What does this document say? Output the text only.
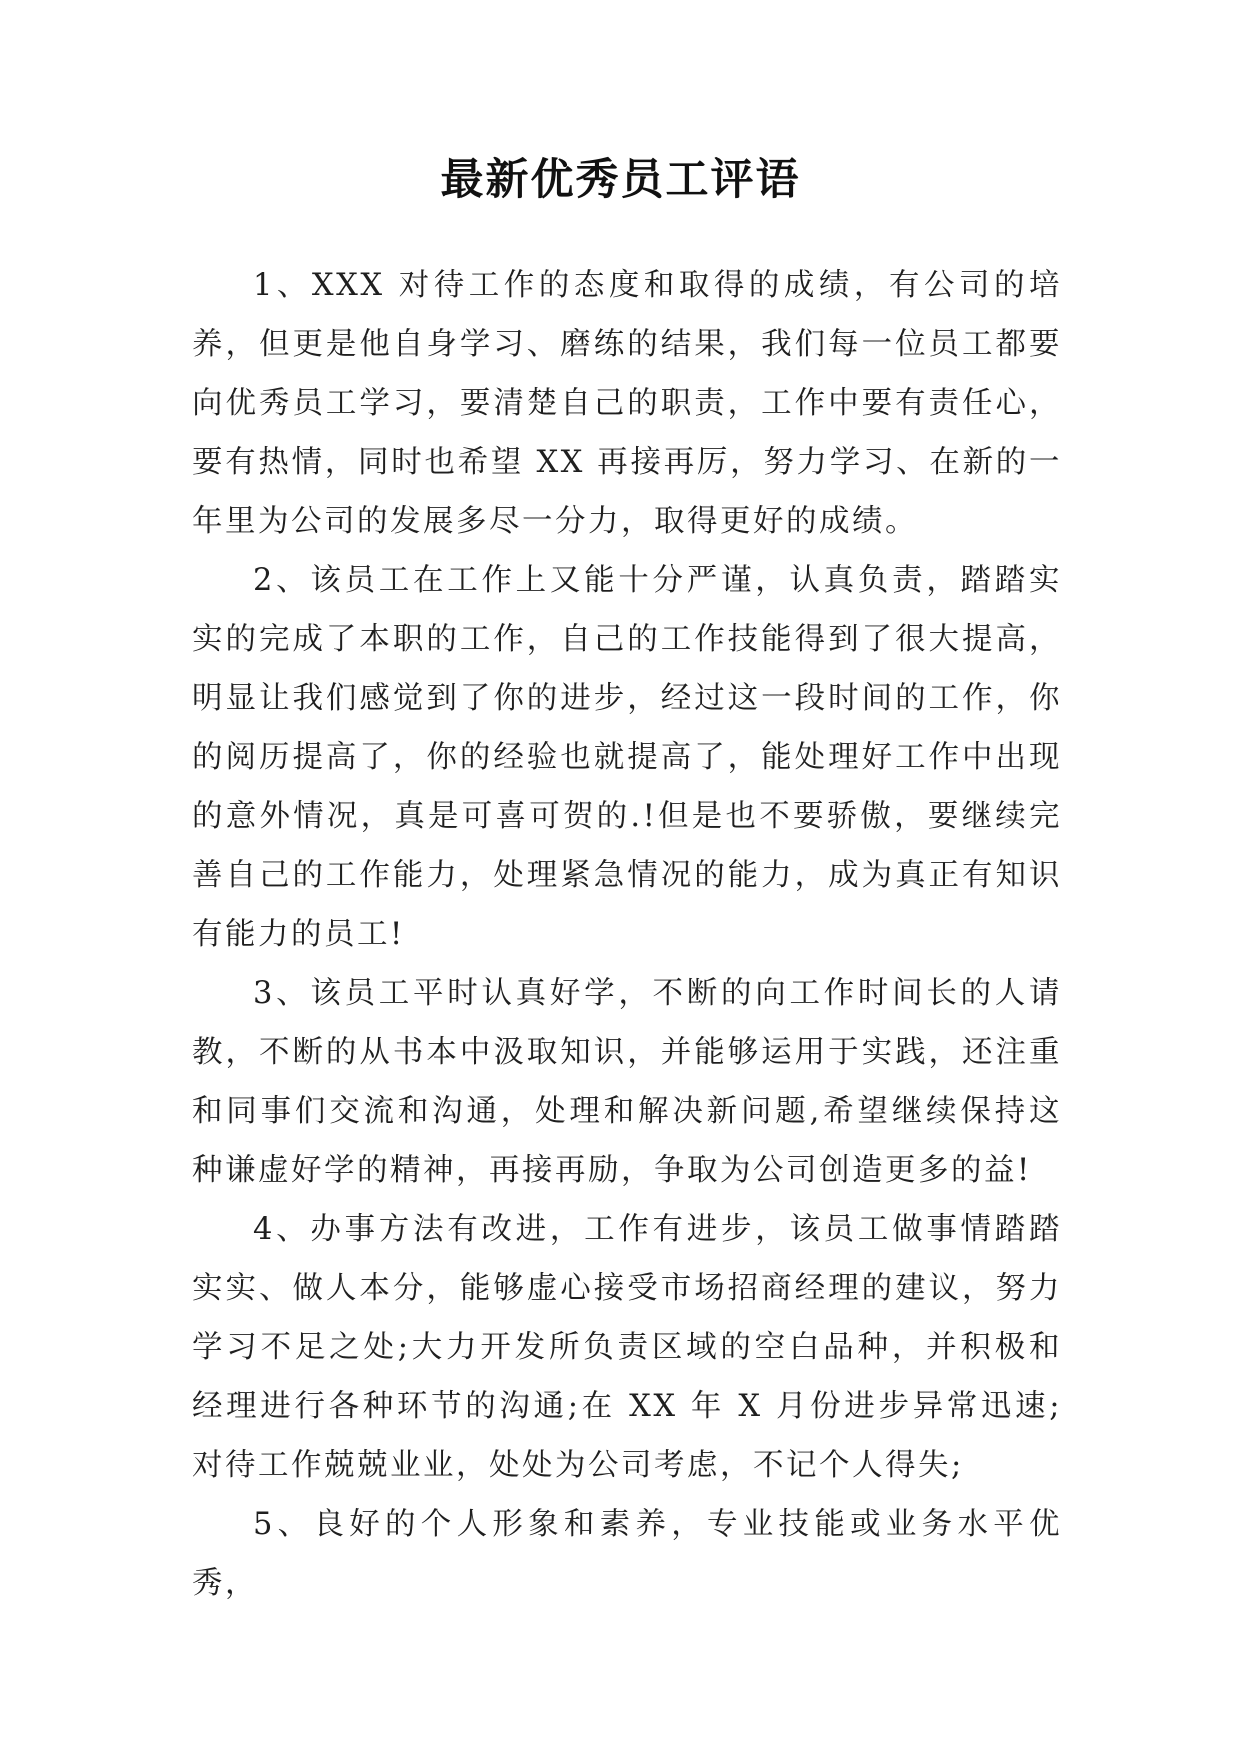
最新优秀员工评语

1、XXX 对待工作的态度和取得的成绩，有公司的培养，但更是他自身学习、磨练的结果，我们每一位员工都要向优秀员工学习，要清楚自己的职责，工作中要有责任心，要有热情，同时也希望 XX 再接再厉，努力学习、在新的一年里为公司的发展多尽一分力，取得更好的成绩。

2、该员工在工作上又能十分严谨，认真负责，踏踏实实的完成了本职的工作，自己的工作技能得到了很大提高，明显让我们感觉到了你的进步，经过这一段时间的工作，你的阅历提高了，你的经验也就提高了，能处理好工作中出现的意外情况，真是可喜可贺的.!但是也不要骄傲，要继续完善自己的工作能力，处理紧急情况的能力，成为真正有知识有能力的员工!

3、该员工平时认真好学，不断的向工作时间长的人请教，不断的从书本中汲取知识，并能够运用于实践，还注重和同事们交流和沟通，处理和解决新问题,希望继续保持这种谦虚好学的精神，再接再励，争取为公司创造更多的益!

4、办事方法有改进，工作有进步，该员工做事情踏踏实实、做人本分，能够虚心接受市场招商经理的建议，努力学习不足之处;大力开发所负责区域的空白品种，并积极和经理进行各种环节的沟通;在 XX 年 X 月份进步异常迅速;对待工作兢兢业业，处处为公司考虑，不记个人得失;

5、良好的个人形象和素养，专业技能或业务水平优秀，
